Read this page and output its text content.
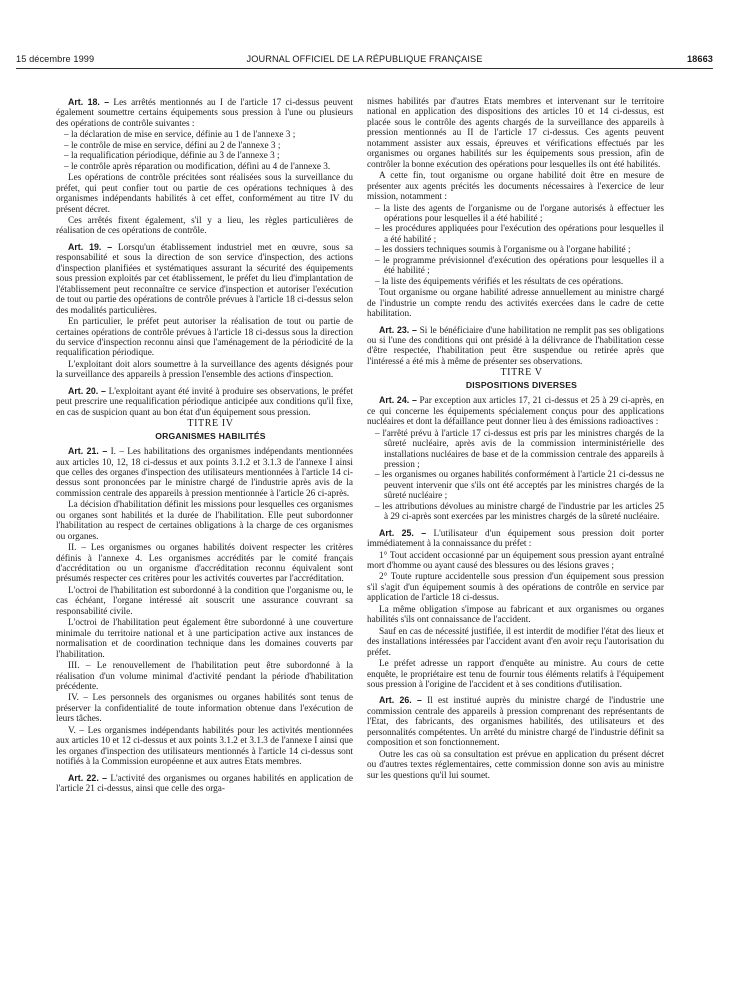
15 décembre 1999	JOURNAL OFFICIEL DE LA RÉPUBLIQUE FRANÇAISE	18663

Art. 18. – Les arrêtés mentionnés au I de l'article 17 ci-dessus peuvent également soumettre certains équipements sous pression à l'une ou plusieurs des opérations de contrôle suivantes :

– la déclaration de mise en service, définie au 1 de l'annexe 3 ;
– le contrôle de mise en service, défini au 2 de l'annexe 3 ;
– la requalification périodique, définie au 3 de l'annexe 3 ;
– le contrôle après réparation ou modification, défini au 4 de l'annexe 3.

Les opérations de contrôle précitées sont réalisées sous la surveillance du préfet, qui peut confier tout ou partie de ces opérations techniques à des organismes indépendants habilités à cet effet, conformément au titre IV du présent décret.

Ces arrêtés fixent également, s'il y a lieu, les règles particulières de réalisation de ces opérations de contrôle.

Art. 19. – Lorsqu'un établissement industriel met en œuvre, sous sa responsabilité et sous la direction de son service d'inspection, des actions d'inspection planifiées et systématiques assurant la sécurité des équipements sous pression exploités par cet établissement, le préfet du lieu d'implantation de l'établissement peut reconnaître ce service d'inspection et autoriser l'exécution de tout ou partie des opérations de contrôle prévues à l'article 18 ci-dessus selon des modalités particulières.

En particulier, le préfet peut autoriser la réalisation de tout ou partie de certaines opérations de contrôle prévues à l'article 18 ci-dessus sous la direction du service d'inspection reconnu ainsi que l'aménagement de la périodicité de la requalification périodique.

L'exploitant doit alors soumettre à la surveillance des agents désignés pour la surveillance des appareils à pression l'ensemble des actions d'inspection.

Art. 20. – L'exploitant ayant été invité à produire ses observations, le préfet peut prescrire une requalification périodique anticipée aux conditions qu'il fixe, en cas de suspicion quant au bon état d'un équipement sous pression.

TITRE IV

ORGANISMES HABILITÉS

Art. 21. – I. – Les habilitations des organismes indépendants mentionnées aux articles 10, 12, 18 ci-dessus et aux points 3.1.2 et 3.1.3 de l'annexe I ainsi que celles des organes d'inspection des utilisateurs mentionnées à l'article 14 ci-dessus sont prononcées par le ministre chargé de l'industrie après avis de la commission centrale des appareils à pression mentionnée à l'article 26 ci-après.

La décision d'habilitation définit les missions pour lesquelles ces organismes ou organes sont habilités et la durée de l'habilitation. Elle peut subordonner l'habilitation au respect de certaines obligations à la charge de ces organismes ou organes.

II. – Les organismes ou organes habilités doivent respecter les critères définis à l'annexe 4. Les organismes accrédités par le comité français d'accréditation ou un organisme d'accréditation reconnu équivalent sont présumés respecter ces critères pour les activités couvertes par l'accréditation.

L'octroi de l'habilitation est subordonné à la condition que l'organisme ou, le cas échéant, l'organe intéressé ait souscrit une assurance couvrant sa responsabilité civile.

L'octroi de l'habilitation peut également être subordonné à une couverture minimale du territoire national et à une participation active aux instances de normalisation et de coordination technique dans les domaines couverts par l'habilitation.

III. – Le renouvellement de l'habilitation peut être subordonné à la réalisation d'un volume minimal d'activité pendant la période d'habilitation précédente.

IV. – Les personnels des organismes ou organes habilités sont tenus de préserver la confidentialité de toute information obtenue dans l'exécution de leurs tâches.

V. – Les organismes indépendants habilités pour les activités mentionnées aux articles 10 et 12 ci-dessus et aux points 3.1.2 et 3.1.3 de l'annexe I ainsi que les organes d'inspection des utilisateurs mentionnés à l'article 14 ci-dessus sont notifiés à la Commission européenne et aux autres Etats membres.

Art. 22. – L'activité des organismes ou organes habilités en application de l'article 21 ci-dessus, ainsi que celle des orga-

nismes habilités par d'autres Etats membres et intervenant sur le territoire national en application des dispositions des articles 10 et 14 ci-dessus, est placée sous le contrôle des agents chargés de la surveillance des appareils à pression mentionnés au II de l'article 17 ci-dessus. Ces agents peuvent notamment assister aux essais, épreuves et vérifications effectués par les organismes ou organes habilités sur les équipements sous pression, afin de contrôler la bonne exécution des opérations pour lesquelles ils ont été habilités.

A cette fin, tout organisme ou organe habilité doit être en mesure de présenter aux agents précités les documents nécessaires à l'exercice de leur mission, notamment :

– la liste des agents de l'organisme ou de l'organe autorisés à effectuer les opérations pour lesquelles il a été habilité ;
– les procédures appliquées pour l'exécution des opérations pour lesquelles il a été habilité ;
– les dossiers techniques soumis à l'organisme ou à l'organe habilité ;
– le programme prévisionnel d'exécution des opérations pour lesquelles il a été habilité ;
– la liste des équipements vérifiés et les résultats de ces opérations.

Tout organisme ou organe habilité adresse annuellement au ministre chargé de l'industrie un compte rendu des activités exercées dans le cadre de cette habilitation.

Art. 23. – Si le bénéficiaire d'une habilitation ne remplit pas ses obligations ou si l'une des conditions qui ont présidé à la délivrance de l'habilitation cesse d'être respectée, l'habilitation peut être suspendue ou retirée après que l'intéressé a été mis à même de présenter ses observations.

TITRE V

DISPOSITIONS DIVERSES

Art. 24. – Par exception aux articles 17, 21 ci-dessus et 25 à 29 ci-après, en ce qui concerne les équipements spécialement conçus pour des applications nucléaires et dont la défaillance peut donner lieu à des émissions radioactives :

– l'arrêté prévu à l'article 17 ci-dessus est pris par les ministres chargés de la sûreté nucléaire, après avis de la commission interministérielle des installations nucléaires de base et de la commission centrale des appareils à pression ;
– les organismes ou organes habilités conformément à l'article 21 ci-dessus ne peuvent intervenir que s'ils ont été acceptés par les ministres chargés de la sûreté nucléaire ;
– les attributions dévolues au ministre chargé de l'industrie par les articles 25 à 29 ci-après sont exercées par les ministres chargés de la sûreté nucléaire.

Art. 25. – L'utilisateur d'un équipement sous pression doit porter immédiatement à la connaissance du préfet :

1° Tout accident occasionné par un équipement sous pression ayant entraîné mort d'homme ou ayant causé des blessures ou des lésions graves ;

2° Toute rupture accidentelle sous pression d'un équipement sous pression s'il s'agit d'un équipement soumis à des opérations de contrôle en service par application de l'article 18 ci-dessus.

La même obligation s'impose au fabricant et aux organismes ou organes habilités s'ils ont connaissance de l'accident.

Sauf en cas de nécessité justifiée, il est interdit de modifier l'état des lieux et des installations intéressées par l'accident avant d'en avoir reçu l'autorisation du préfet.

Le préfet adresse un rapport d'enquête au ministre. Au cours de cette enquête, le propriétaire est tenu de fournir tous éléments relatifs à l'équipement sous pression à l'origine de l'accident et à ses conditions d'utilisation.

Art. 26. – Il est institué auprès du ministre chargé de l'industrie une commission centrale des appareils à pression comprenant des représentants de l'Etat, des fabricants, des organismes habilités, des utilisateurs et des personnalités compétentes. Un arrêté du ministre chargé de l'industrie définit sa composition et son fonctionnement.

Outre les cas où sa consultation est prévue en application du présent décret ou d'autres textes réglementaires, cette commission donne son avis au ministre sur les questions qu'il lui soumet.
